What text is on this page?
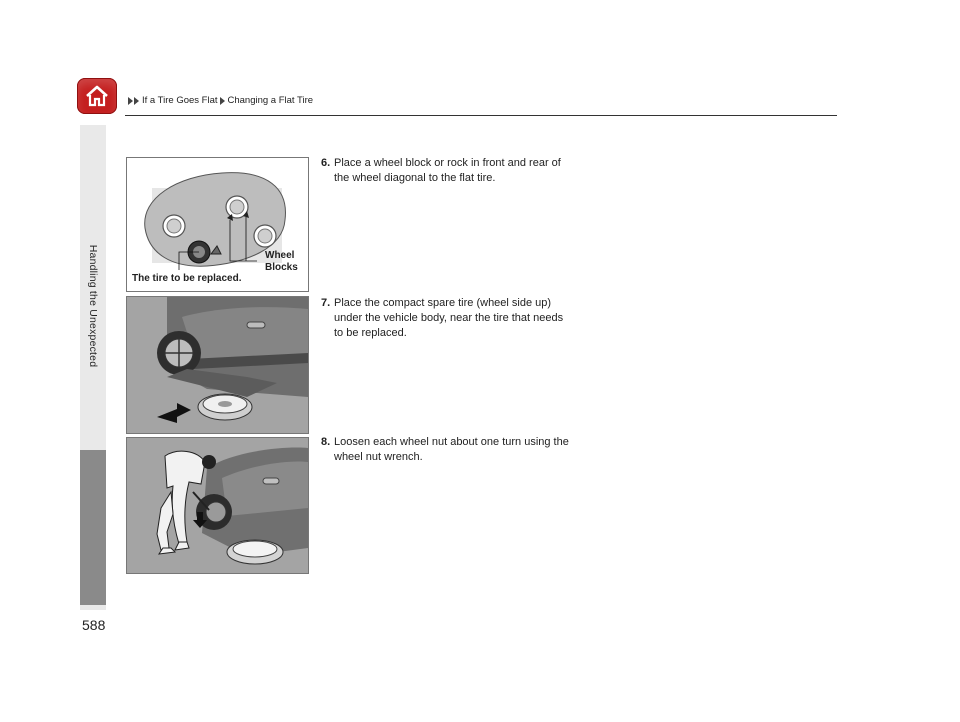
If a Tire Goes Flat Changing a Flat Tire
Handling the Unexpected	Wheel
Blocks
The tire to be replaced.
6. Place a wheel block or rock in front and rear of the wheel diagonal to the flat tire.
7. Place the compact spare tire (wheel side up) under the vehicle body, near the tire that needs to be replaced.
8. Loosen each wheel nut about one turn using the wheel nut wrench.
588
